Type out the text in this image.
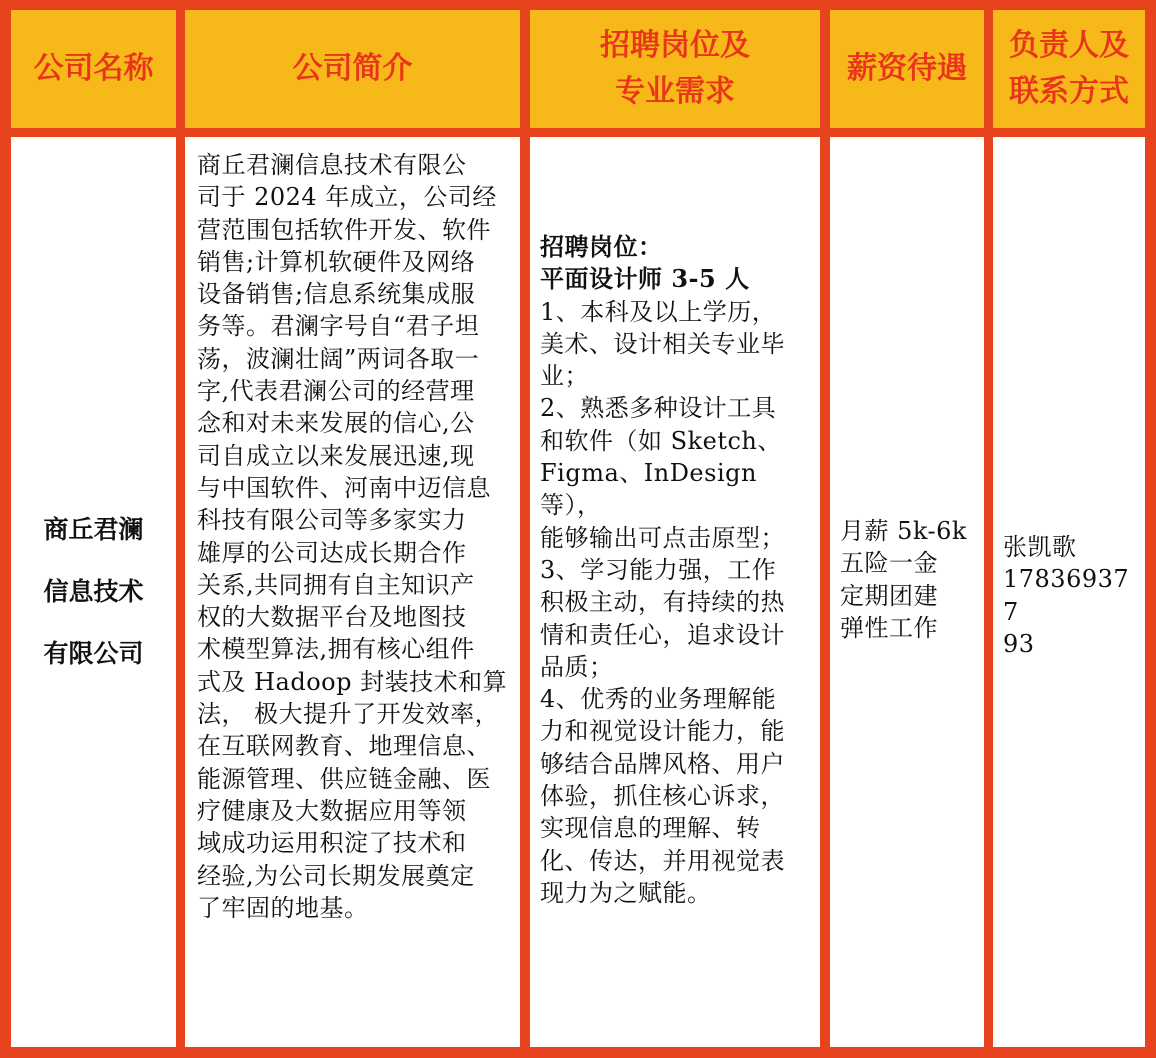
公司名称	公司简介
招聘岗位及
专业需求
薪资待遇
负责人及
联系方式
商丘君澜
信息技术
有限公司
商丘君澜信息技术有限公
司于 2024 年成立，公司经
营范围包括软件开发、软件
销售;计算机软硬件及网络
设备销售;信息系统集成服
务等。君澜字号自“君子坦
荡，波澜壮阔”两词各取一
字,代表君澜公司的经营理
念和对未来发展的信心,公
司自成立以来发展迅速,现
与中国软件、河南中迈信息
科技有限公司等多家实力
雄厚的公司达成长期合作
关系,共同拥有自主知识产
权的大数据平台及地图技
术模型算法,拥有核心组件
式及 Hadoop 封装技术和算
法， 极大提升了开发效率，
在互联网教育、地理信息、
能源管理、供应链金融、医
疗健康及大数据应用等领
域成功运用积淀了技术和
经验,为公司长期发展奠定
了牢固的地基。
招聘岗位：
平面设计师 3-5 人
1、本科及以上学历，
美术、设计相关专业毕
业；
2、熟悉多种设计工具
和软件（如 Sketch、
Figma、InDesign 等），
能够输出可点击原型；
3、学习能力强，工作
积极主动，有持续的热
情和责任心，追求设计
品质；
4、优秀的业务理解能
力和视觉设计能力，能
够结合品牌风格、用户
体验，抓住核心诉求，
实现信息的理解、转
化、传达，并用视觉表
现力为之赋能。
月薪 5k-6k
五险一金
定期团建
弹性工作
张凯歌
178369377
93
